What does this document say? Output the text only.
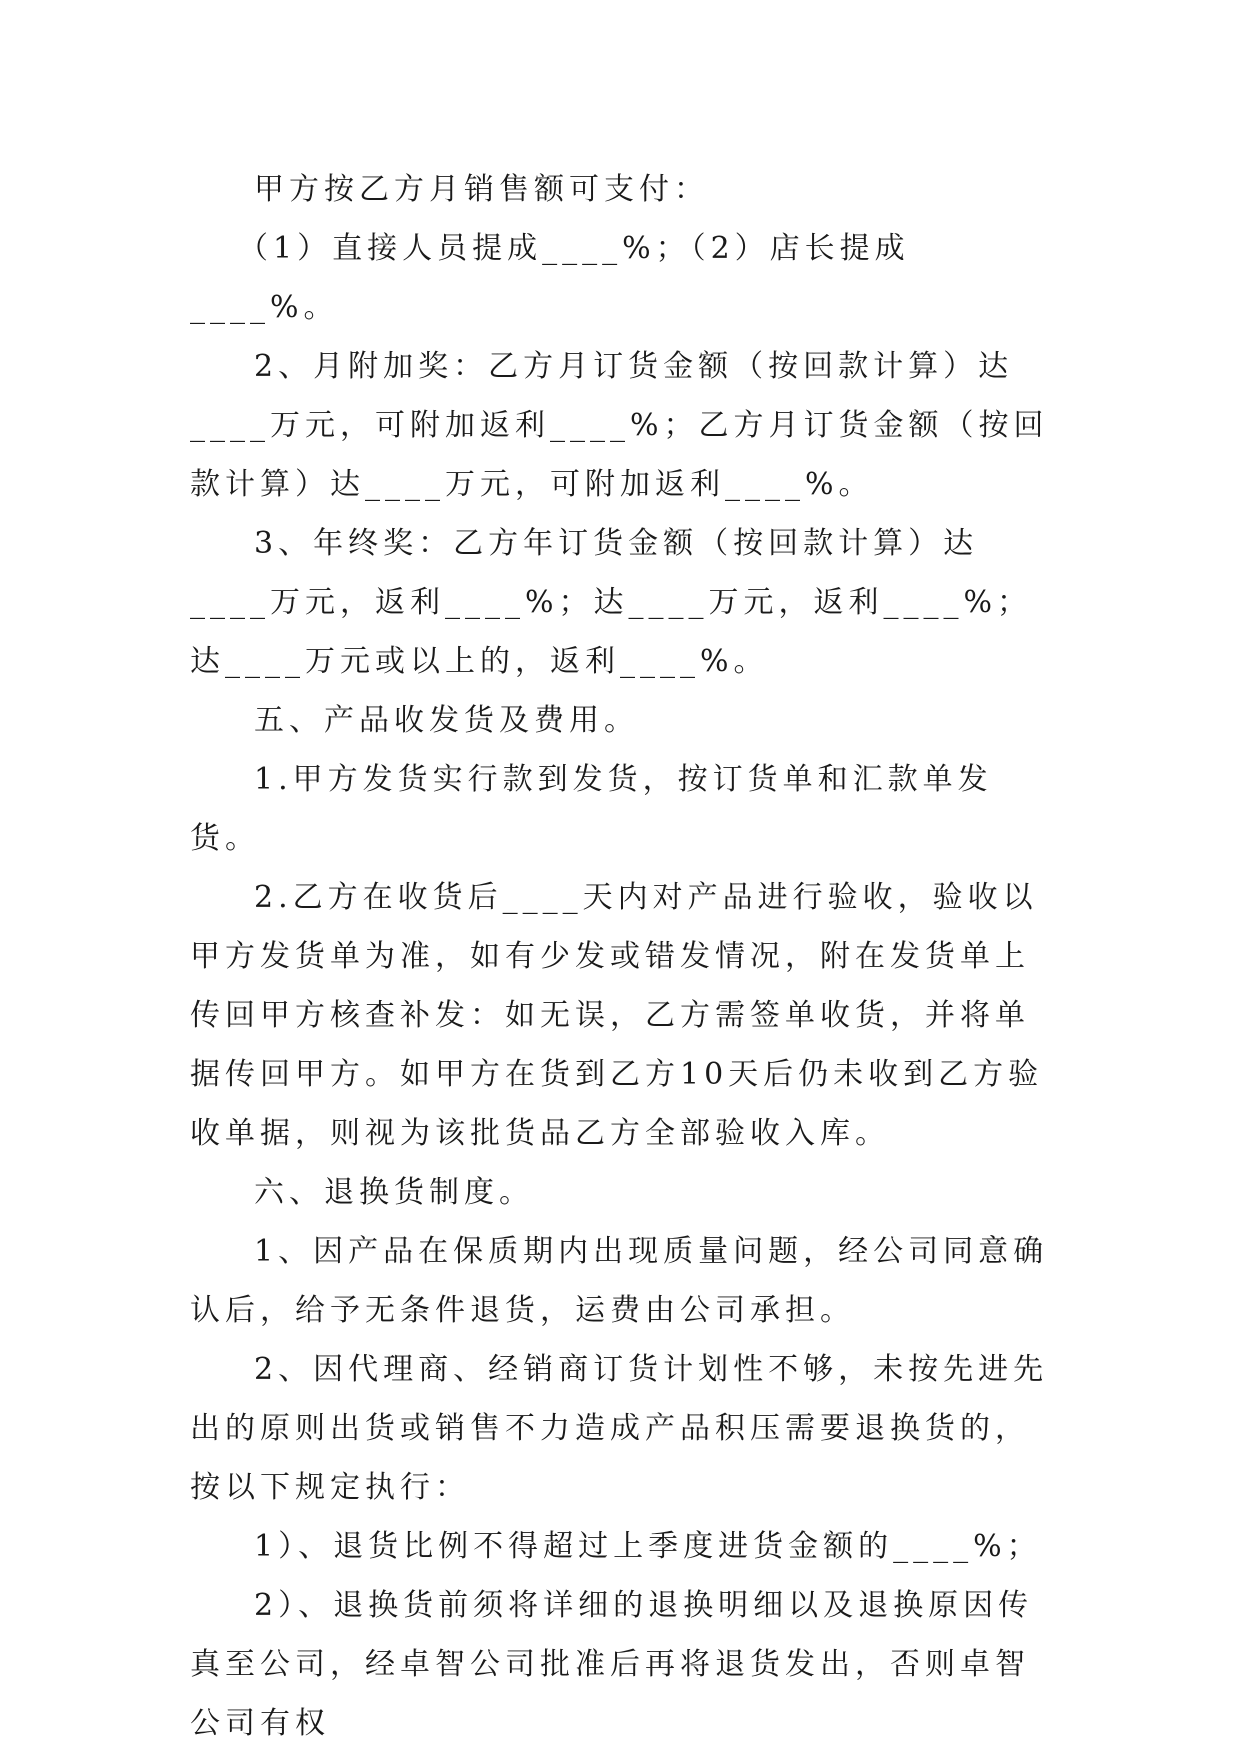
甲方按乙方月销售额可支付：

（1）直接人员提成____%；（2）店长提成____%。

2、月附加奖：乙方月订货金额（按回款计算）达____万元，可附加返利____%；乙方月订货金额（按回款计算）达____万元，可附加返利____%。

3、年终奖：乙方年订货金额（按回款计算）达____万元，返利____%；达____万元，返利____%；达____万元或以上的，返利____%。

五、产品收发货及费用。

1.甲方发货实行款到发货，按订货单和汇款单发货。

2.乙方在收货后____天内对产品进行验收，验收以甲方发货单为准，如有少发或错发情况，附在发货单上传回甲方核查补发：如无误，乙方需签单收货，并将单据传回甲方。如甲方在货到乙方10天后仍未收到乙方验收单据，则视为该批货品乙方全部验收入库。

六、退换货制度。

1、因产品在保质期内出现质量问题，经公司同意确认后，给予无条件退货，运费由公司承担。

2、因代理商、经销商订货计划性不够，未按先进先出的原则出货或销售不力造成产品积压需要退换货的，按以下规定执行：

1）、退货比例不得超过上季度进货金额的____%；

2）、退换货前须将详细的退换明细以及退换原因传真至公司，经卓智公司批准后再将退货发出，否则卓智公司有权
